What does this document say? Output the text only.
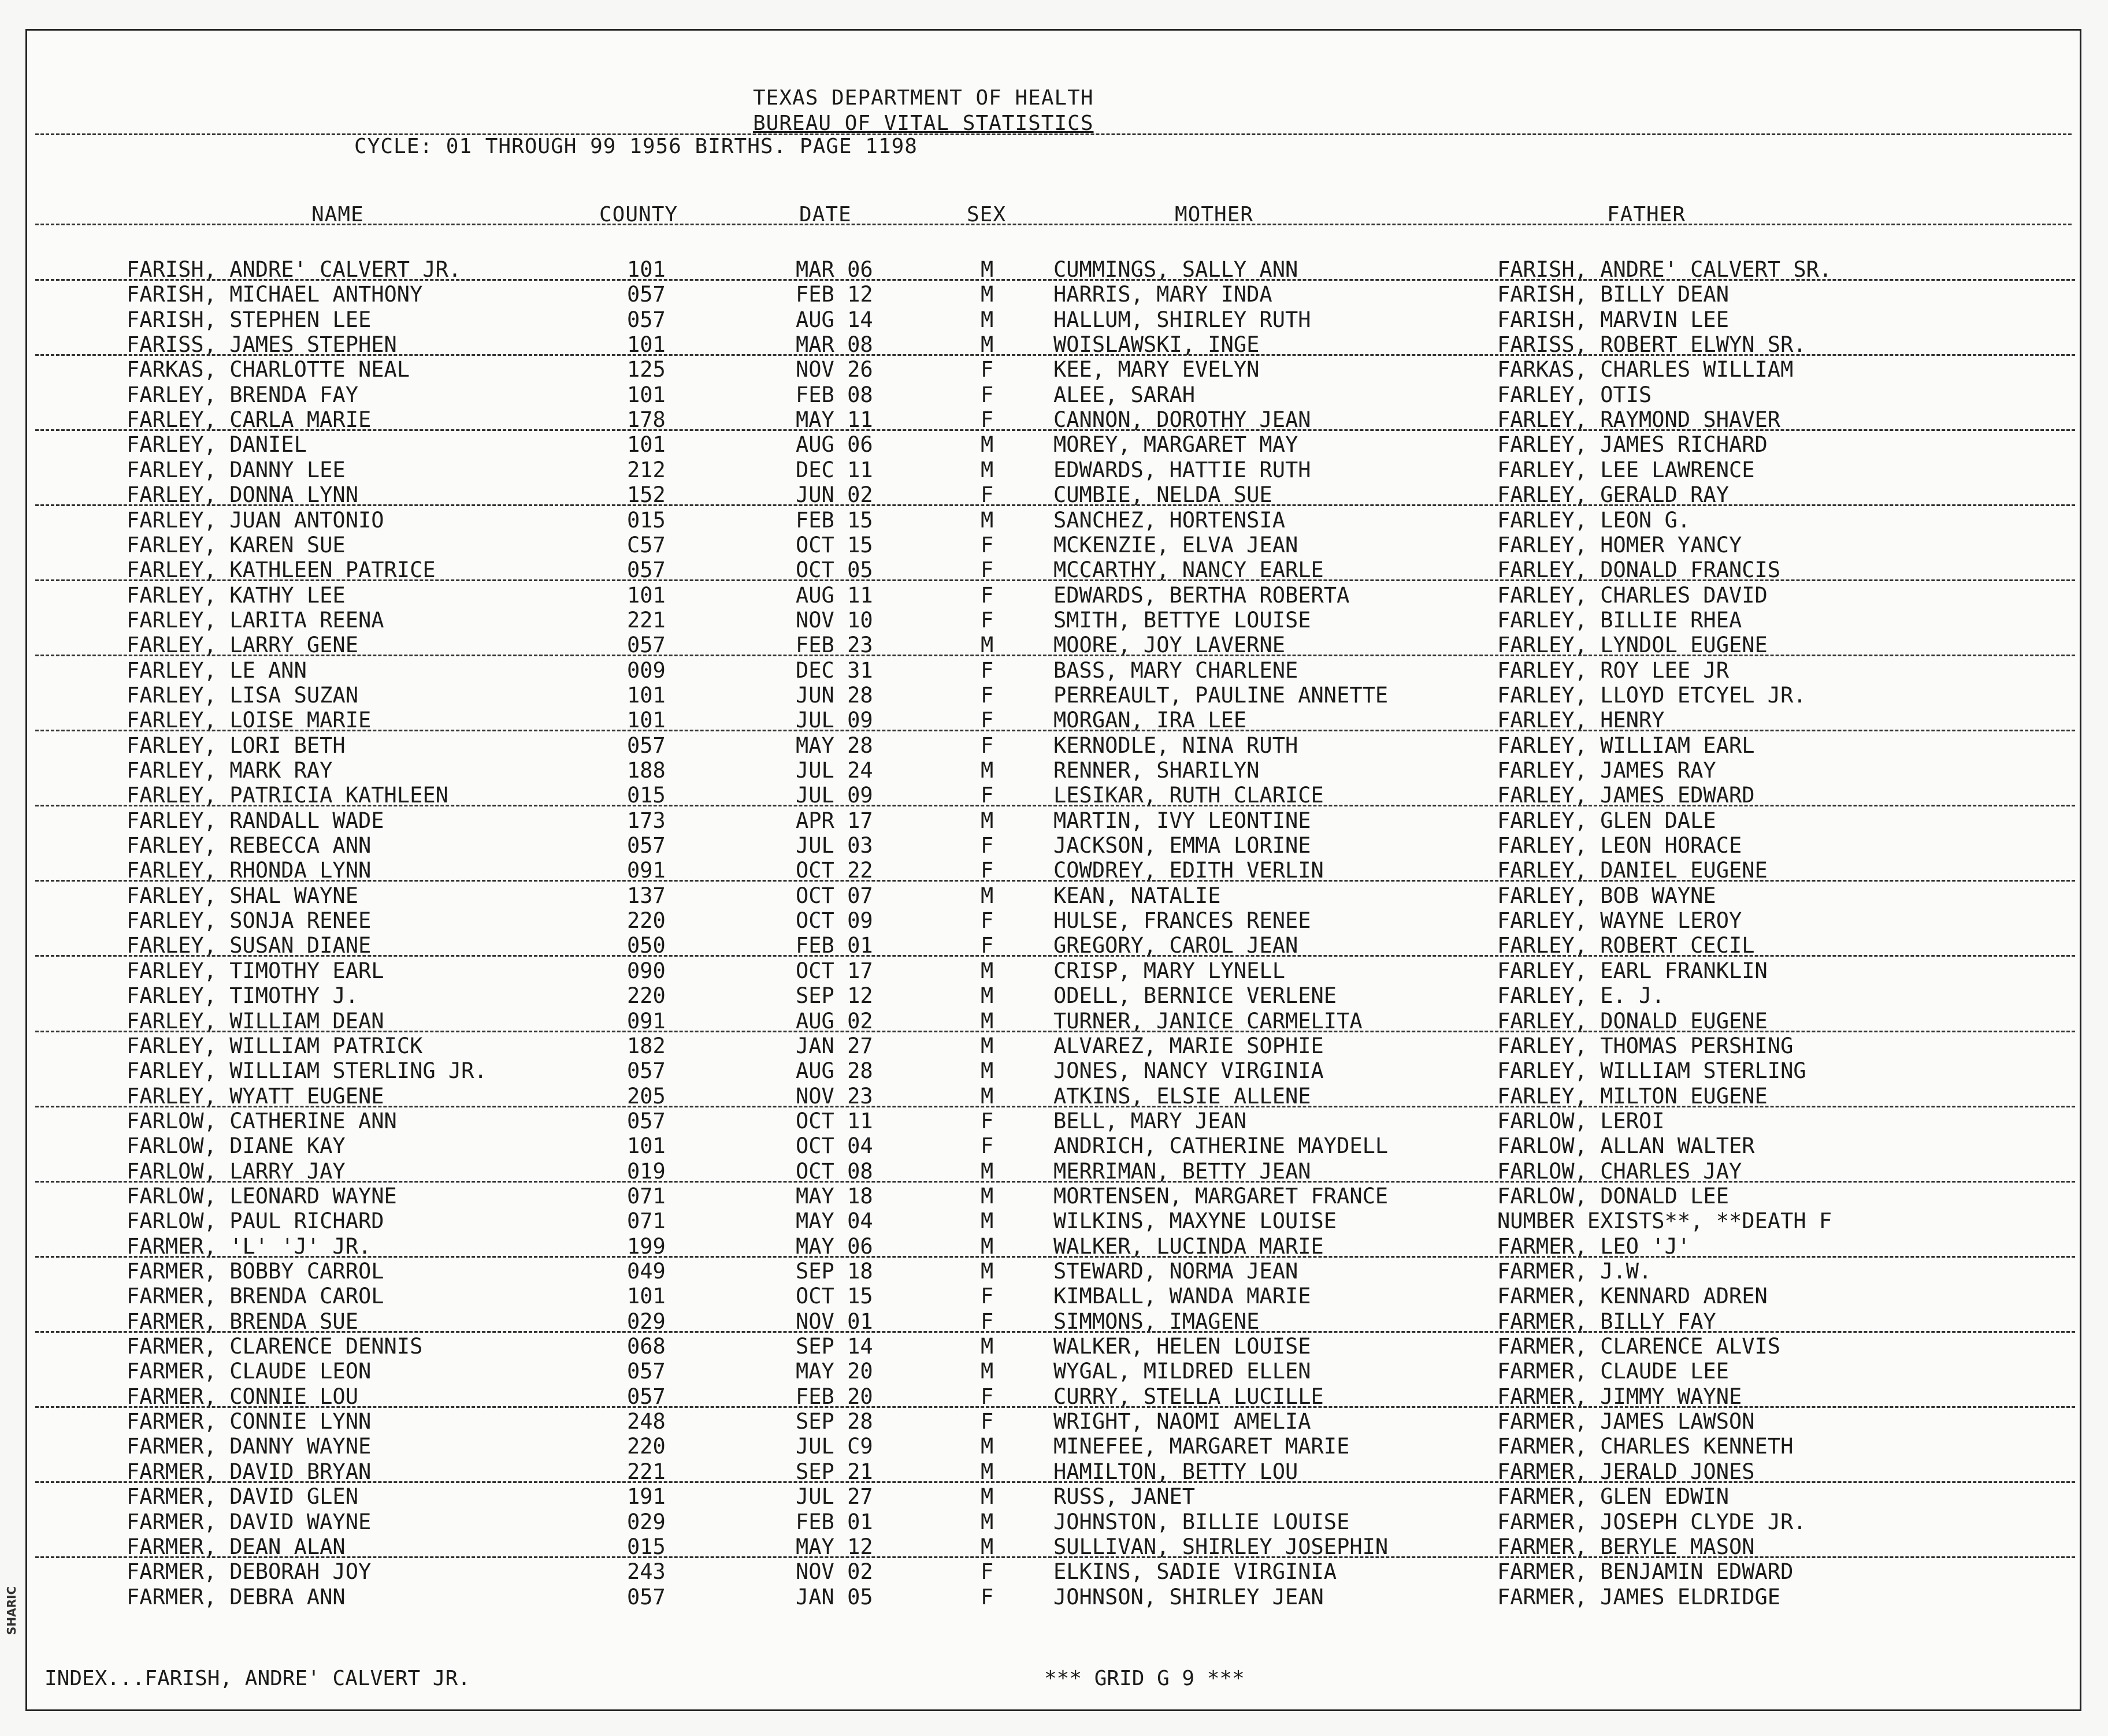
TEXAS DEPARTMENT OF HEALTH
BUREAU OF VITAL STATISTICS
CYCLE: 01 THROUGH 99 1956 BIRTHS. PAGE 1198
NAME	COUNTY	DATE	SEX	MOTHER	FATHER
FARISH, ANDRE' CALVERT JR.	101	MAR 06	M	CUMMINGS, SALLY ANN	FARISH, ANDRE' CALVERT SR.
FARISH, MICHAEL ANTHONY	057	FEB 12	M	HARRIS, MARY INDA	FARISH, BILLY DEAN
FARISH, STEPHEN LEE	057	AUG 14	M	HALLUM, SHIRLEY RUTH	FARISH, MARVIN LEE
FARISS, JAMES STEPHEN	101	MAR 08	M	WOISLAWSKI, INGE	FARISS, ROBERT ELWYN SR.
FARKAS, CHARLOTTE NEAL	125	NOV 26	F	KEE, MARY EVELYN	FARKAS, CHARLES WILLIAM
FARLEY, BRENDA FAY	101	FEB 08	F	ALEE, SARAH	FARLEY, OTIS
FARLEY, CARLA MARIE	178	MAY 11	F	CANNON, DOROTHY JEAN	FARLEY, RAYMOND SHAVER
FARLEY, DANIEL	101	AUG 06	M	MOREY, MARGARET MAY	FARLEY, JAMES RICHARD
FARLEY, DANNY LEE	212	DEC 11	M	EDWARDS, HATTIE RUTH	FARLEY, LEE LAWRENCE
FARLEY, DONNA LYNN	152	JUN 02	F	CUMBIE, NELDA SUE	FARLEY, GERALD RAY
FARLEY, JUAN ANTONIO	015	FEB 15	M	SANCHEZ, HORTENSIA	FARLEY, LEON G.
FARLEY, KAREN SUE	C57	OCT 15	F	MCKENZIE, ELVA JEAN	FARLEY, HOMER YANCY
FARLEY, KATHLEEN PATRICE	057	OCT 05	F	MCCARTHY, NANCY EARLE	FARLEY, DONALD FRANCIS
FARLEY, KATHY LEE	101	AUG 11	F	EDWARDS, BERTHA ROBERTA	FARLEY, CHARLES DAVID
FARLEY, LARITA REENA	221	NOV 10	F	SMITH, BETTYE LOUISE	FARLEY, BILLIE RHEA
FARLEY, LARRY GENE	057	FEB 23	M	MOORE, JOY LAVERNE	FARLEY, LYNDOL EUGENE
FARLEY, LE ANN	009	DEC 31	F	BASS, MARY CHARLENE	FARLEY, ROY LEE JR
FARLEY, LISA SUZAN	101	JUN 28	F	PERREAULT, PAULINE ANNETTE	FARLEY, LLOYD ETCYEL JR.
FARLEY, LOISE MARIE	101	JUL 09	F	MORGAN, IRA LEE	FARLEY, HENRY
FARLEY, LORI BETH	057	MAY 28	F	KERNODLE, NINA RUTH	FARLEY, WILLIAM EARL
FARLEY, MARK RAY	188	JUL 24	M	RENNER, SHARILYN	FARLEY, JAMES RAY
FARLEY, PATRICIA KATHLEEN	015	JUL 09	F	LESIKAR, RUTH CLARICE	FARLEY, JAMES EDWARD
FARLEY, RANDALL WADE	173	APR 17	M	MARTIN, IVY LEONTINE	FARLEY, GLEN DALE
FARLEY, REBECCA ANN	057	JUL 03	F	JACKSON, EMMA LORINE	FARLEY, LEON HORACE
FARLEY, RHONDA LYNN	091	OCT 22	F	COWDREY, EDITH VERLIN	FARLEY, DANIEL EUGENE
FARLEY, SHAL WAYNE	137	OCT 07	M	KEAN, NATALIE	FARLEY, BOB WAYNE
FARLEY, SONJA RENEE	220	OCT 09	F	HULSE, FRANCES RENEE	FARLEY, WAYNE LEROY
FARLEY, SUSAN DIANE	050	FEB 01	F	GREGORY, CAROL JEAN	FARLEY, ROBERT CECIL
FARLEY, TIMOTHY EARL	090	OCT 17	M	CRISP, MARY LYNELL	FARLEY, EARL FRANKLIN
FARLEY, TIMOTHY J.	220	SEP 12	M	ODELL, BERNICE VERLENE	FARLEY, E. J.
FARLEY, WILLIAM DEAN	091	AUG 02	M	TURNER, JANICE CARMELITA	FARLEY, DONALD EUGENE
FARLEY, WILLIAM PATRICK	182	JAN 27	M	ALVAREZ, MARIE SOPHIE	FARLEY, THOMAS PERSHING
FARLEY, WILLIAM STERLING JR.	057	AUG 28	M	JONES, NANCY VIRGINIA	FARLEY, WILLIAM STERLING
FARLEY, WYATT EUGENE	205	NOV 23	M	ATKINS, ELSIE ALLENE	FARLEY, MILTON EUGENE
FARLOW, CATHERINE ANN	057	OCT 11	F	BELL, MARY JEAN	FARLOW, LEROI
FARLOW, DIANE KAY	101	OCT 04	F	ANDRICH, CATHERINE MAYDELL	FARLOW, ALLAN WALTER
FARLOW, LARRY JAY	019	OCT 08	M	MERRIMAN, BETTY JEAN	FARLOW, CHARLES JAY
FARLOW, LEONARD WAYNE	071	MAY 18	M	MORTENSEN, MARGARET FRANCE	FARLOW, DONALD LEE
FARLOW, PAUL RICHARD	071	MAY 04	M	WILKINS, MAXYNE LOUISE	NUMBER EXISTS**, **DEATH F
FARMER, 'L' 'J' JR.	199	MAY 06	M	WALKER, LUCINDA MARIE	FARMER, LEO 'J'
FARMER, BOBBY CARROL	049	SEP 18	M	STEWARD, NORMA JEAN	FARMER, J.W.
FARMER, BRENDA CAROL	101	OCT 15	F	KIMBALL, WANDA MARIE	FARMER, KENNARD ADREN
FARMER, BRENDA SUE	029	NOV 01	F	SIMMONS, IMAGENE	FARMER, BILLY FAY
FARMER, CLARENCE DENNIS	068	SEP 14	M	WALKER, HELEN LOUISE	FARMER, CLARENCE ALVIS
FARMER, CLAUDE LEON	057	MAY 20	M	WYGAL, MILDRED ELLEN	FARMER, CLAUDE LEE
FARMER, CONNIE LOU	057	FEB 20	F	CURRY, STELLA LUCILLE	FARMER, JIMMY WAYNE
FARMER, CONNIE LYNN	248	SEP 28	F	WRIGHT, NAOMI AMELIA	FARMER, JAMES LAWSON
FARMER, DANNY WAYNE	220	JUL C9	M	MINEFEE, MARGARET MARIE	FARMER, CHARLES KENNETH
FARMER, DAVID BRYAN	221	SEP 21	M	HAMILTON, BETTY LOU	FARMER, JERALD JONES
FARMER, DAVID GLEN	191	JUL 27	M	RUSS, JANET	FARMER, GLEN EDWIN
FARMER, DAVID WAYNE	029	FEB 01	M	JOHNSTON, BILLIE LOUISE	FARMER, JOSEPH CLYDE JR.
FARMER, DEAN ALAN	015	MAY 12	M	SULLIVAN, SHIRLEY JOSEPHIN	FARMER, BERYLE MASON
FARMER, DEBORAH JOY	243	NOV 02	F	ELKINS, SADIE VIRGINIA	FARMER, BENJAMIN EDWARD
FARMER, DEBRA ANN	057	JAN 05	F	JOHNSON, SHIRLEY JEAN	FARMER, JAMES ELDRIDGE
INDEX...FARISH, ANDRE' CALVERT JR.	*** GRID G 9 ***
SHARIC
